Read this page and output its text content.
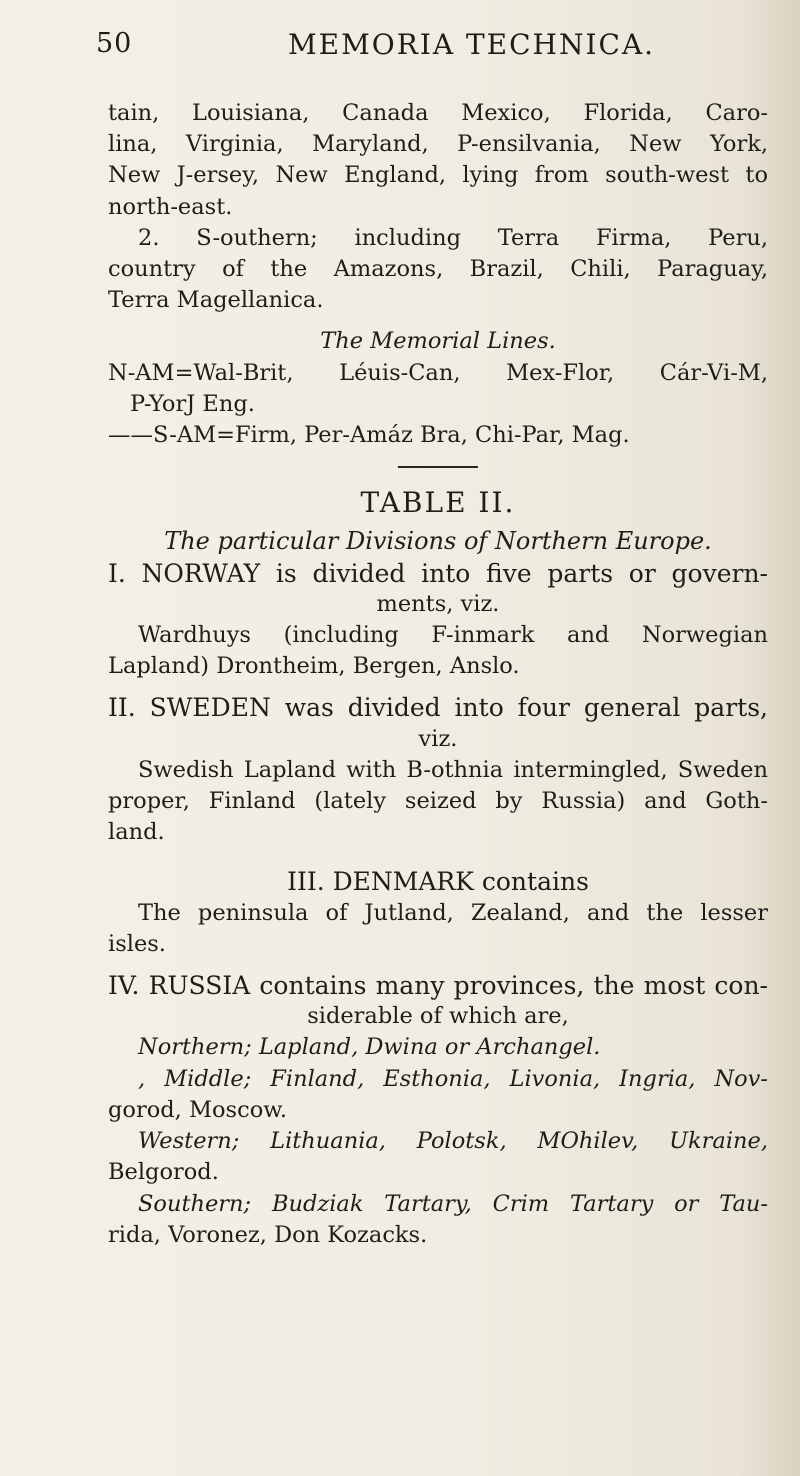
50	MEMORIA TECHNICA.

tain, Louisiana, Canada Mexico, Florida, Caro-

lina, Virginia, Maryland, P-ensilvania, New York,

New J-ersey, New England, lying from south-west to

north-east.

2. S-outhern; including Terra Firma, Peru,

country of the Amazons, Brazil, Chili, Paraguay,

Terra Magellanica.

The Memorial Lines.

N-AM=Wal-Brit, Léuis-Can, Mex-Flor, Cár-Vi-M,

P-YorJ Eng.

——S-AM=Firm, Per-Amáz Bra, Chi-Par, Mag.

TABLE II.

The particular Divisions of Northern Europe.

I. NORWAY is divided into five parts or govern-

ments, viz.

Wardhuys (including F-inmark and Norwegian

Lapland) Drontheim, Bergen, Anslo.

II. SWEDEN was divided into four general parts,

viz.

Swedish Lapland with B-othnia intermingled, Sweden

proper, Finland (lately seized by Russia) and Goth-

land.

III. DENMARK contains

The peninsula of Jutland, Zealand, and the lesser

isles.

IV. RUSSIA contains many provinces, the most con-

siderable of which are,

Northern; Lapland, Dwina or Archangel.

, Middle; Finland, Esthonia, Livonia, Ingria, Nov-

gorod, Moscow.

Western; Lithuania, Polotsk, MOhilev, Ukraine,

Belgorod.

Southern; Budziak Tartary, Crim Tartary or Tau-

rida, Voronez, Don Kozacks.
